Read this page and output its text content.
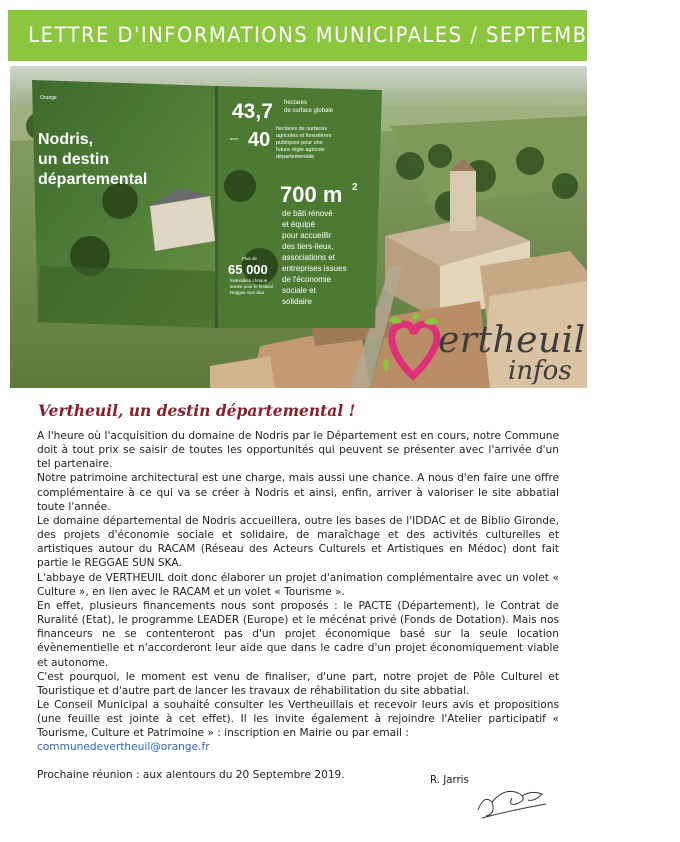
LETTRE D'INFORMATIONS MUNICIPALES / SEPTEMBRE 2019
Orange
Nodris,
un destin
départemental
43,7 hectares
de surface globale
dont 40 hectares de surfaces
agricoles et forestières
publiques pour une
future régie agricole
départementale
700 m 2
de bâti rénové
et équipé
pour accueillir
des tiers-lieux,
associations et
entreprises issues
de l'économie
sociale et
solidaire
Plus de
65 000
festivaliers chaque
année pour le festival
Reggae Sun Ska
ertheuil
infos
Vertheuil, un destin départemental !

A l'heure où l'acquisition du domaine de Nodris par le Département est en cours, notre Commune doit à tout prix se saisir de toutes les opportunités qui peuvent se présenter avec l'arrivée d'un tel partenaire.

Notre patrimoine architectural est une charge, mais aussi une chance. A nous d'en faire une offre complémentaire à ce qui va se créer à Nodris et ainsi, enfin, arriver à valoriser le site abbatial toute l'année.

Le domaine départemental de Nodris accueillera, outre les bases de l'IDDAC et de Biblio Gironde, des projets d'économie sociale et solidaire, de maraîchage et des activités culturelles et artistiques autour du RACAM (Réseau des Acteurs Culturels et Artistiques en Médoc) dont fait partie le REGGAE SUN SKA.

L'abbaye de VERTHEUIL doit donc élaborer un projet d'animation complémentaire avec un volet « Culture », en lien avec le RACAM et un volet « Tourisme ».

En effet, plusieurs financements nous sont proposés : le PACTE (Département), le Contrat de Ruralité (Etat), le programme LEADER (Europe) et le mécénat privé (Fonds de Dotation). Mais nos financeurs ne se contenteront pas d'un projet économique basé sur la seule location évènementielle et n'accorderont leur aide que dans le cadre d'un projet économiquement viable et autonome.

C'est pourquoi, le moment est venu de finaliser, d'une part, notre projet de Pôle Culturel et Touristique et d'autre part de lancer les travaux de réhabilitation du site abbatial.

Le Conseil Municipal a souhaité consulter les Vertheuillais et recevoir leurs avis et propositions (une feuille est jointe à cet effet). Il les invite également à rejoindre l'Atelier participatif « Tourisme, Culture et Patrimoine » : inscription en Mairie ou par email :

communedevertheuil@orange.fr

Prochaine réunion : aux alentours du 20 Septembre 2019.	R. Jarris
